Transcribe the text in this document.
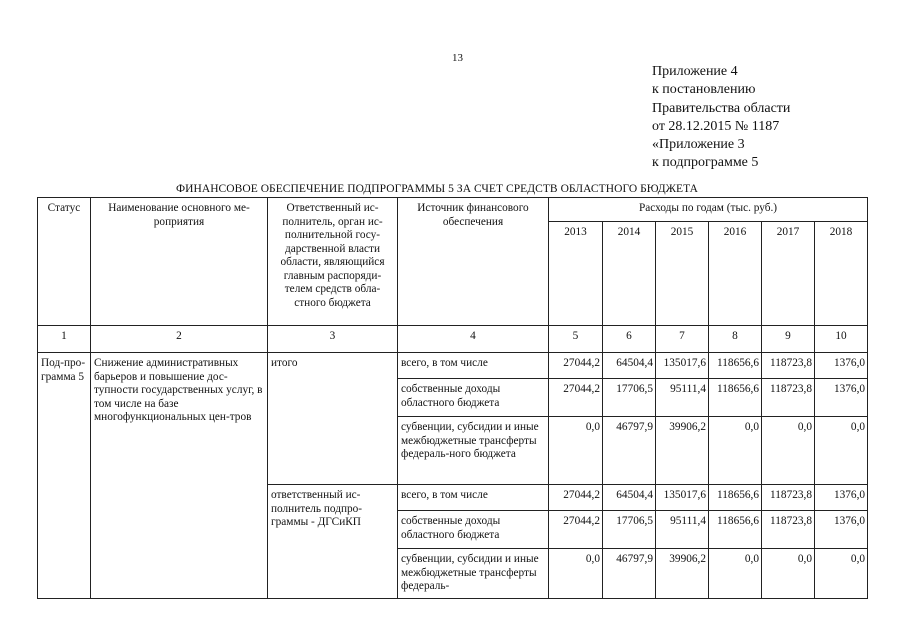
13
Приложение 4
к постановлению
Правительства области
от 28.12.2015 № 1187
«Приложение 3
к подпрограмме 5
ФИНАНСОВОЕ ОБЕСПЕЧЕНИЕ ПОДПРОГРАММЫ 5 ЗА СЧЕТ СРЕДСТВ ОБЛАСТНОГО БЮДЖЕТА
Статус	Наименование основного ме-роприятия	Ответственный ис-полнитель, орган ис-полнительной госу-дарственной власти области, являющийся главным распоряди-телем средств обла-стного бюджета	Источник финансового обеспечения	Расходы по годам (тыс. руб.)					
				2013	2014	2015	2016	2017	2018
1	2	3	4	5	6	7	8	9	10
Под-про-грамма 5	Снижение административных барьеров и повышение дос-тупности государственных услуг, в том числе на базе многофункциональных цен-тров	итого	всего, в том числе	27044,2	64504,4	135017,6	118656,6	118723,8	1376,0
			собственные доходы областного бюджета	27044,2	17706,5	95111,4	118656,6	118723,8	1376,0
			субвенции, субсидии и иные межбюджетные трансферты федераль-ного бюджета	0,0	46797,9	39906,2	0,0	0,0	0,0
		ответственный ис-полнитель подпро-граммы - ДГСиКП	всего, в том числе	27044,2	64504,4	135017,6	118656,6	118723,8	1376,0
			собственные доходы областного бюджета	27044,2	17706,5	95111,4	118656,6	118723,8	1376,0
			субвенции, субсидии и иные межбюджетные трансферты федераль-	0,0	46797,9	39906,2	0,0	0,0	0,0
